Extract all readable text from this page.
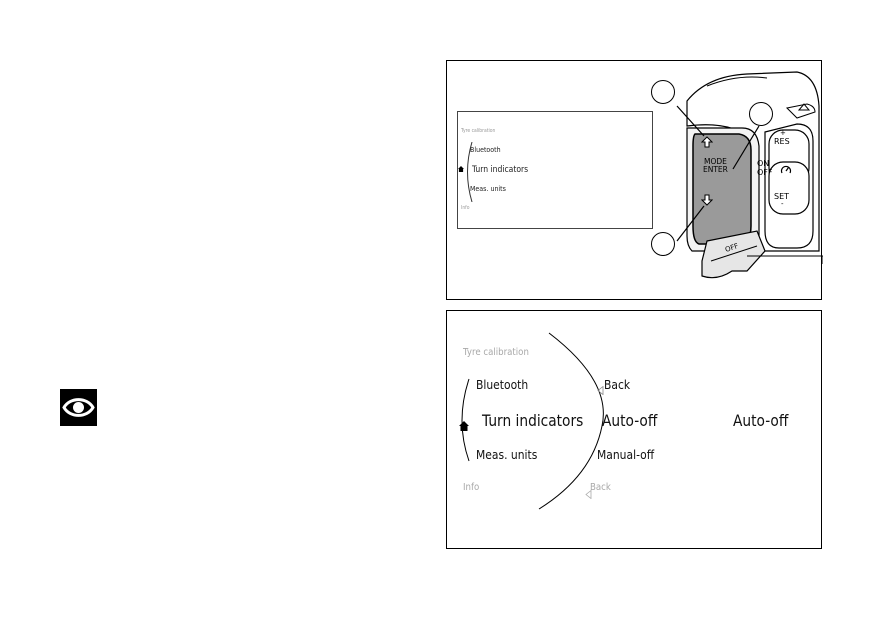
Tyre calibration
Bluetooth
Turn indicators
Meas. units
Info
MODE
ENTER
+
RES
ON
OFF
SET
-
OFF
Tyre calibration
Bluetooth
Turn indicators
Meas. units
Info
Back
Auto-off
Manual-off
Back
Auto-off
